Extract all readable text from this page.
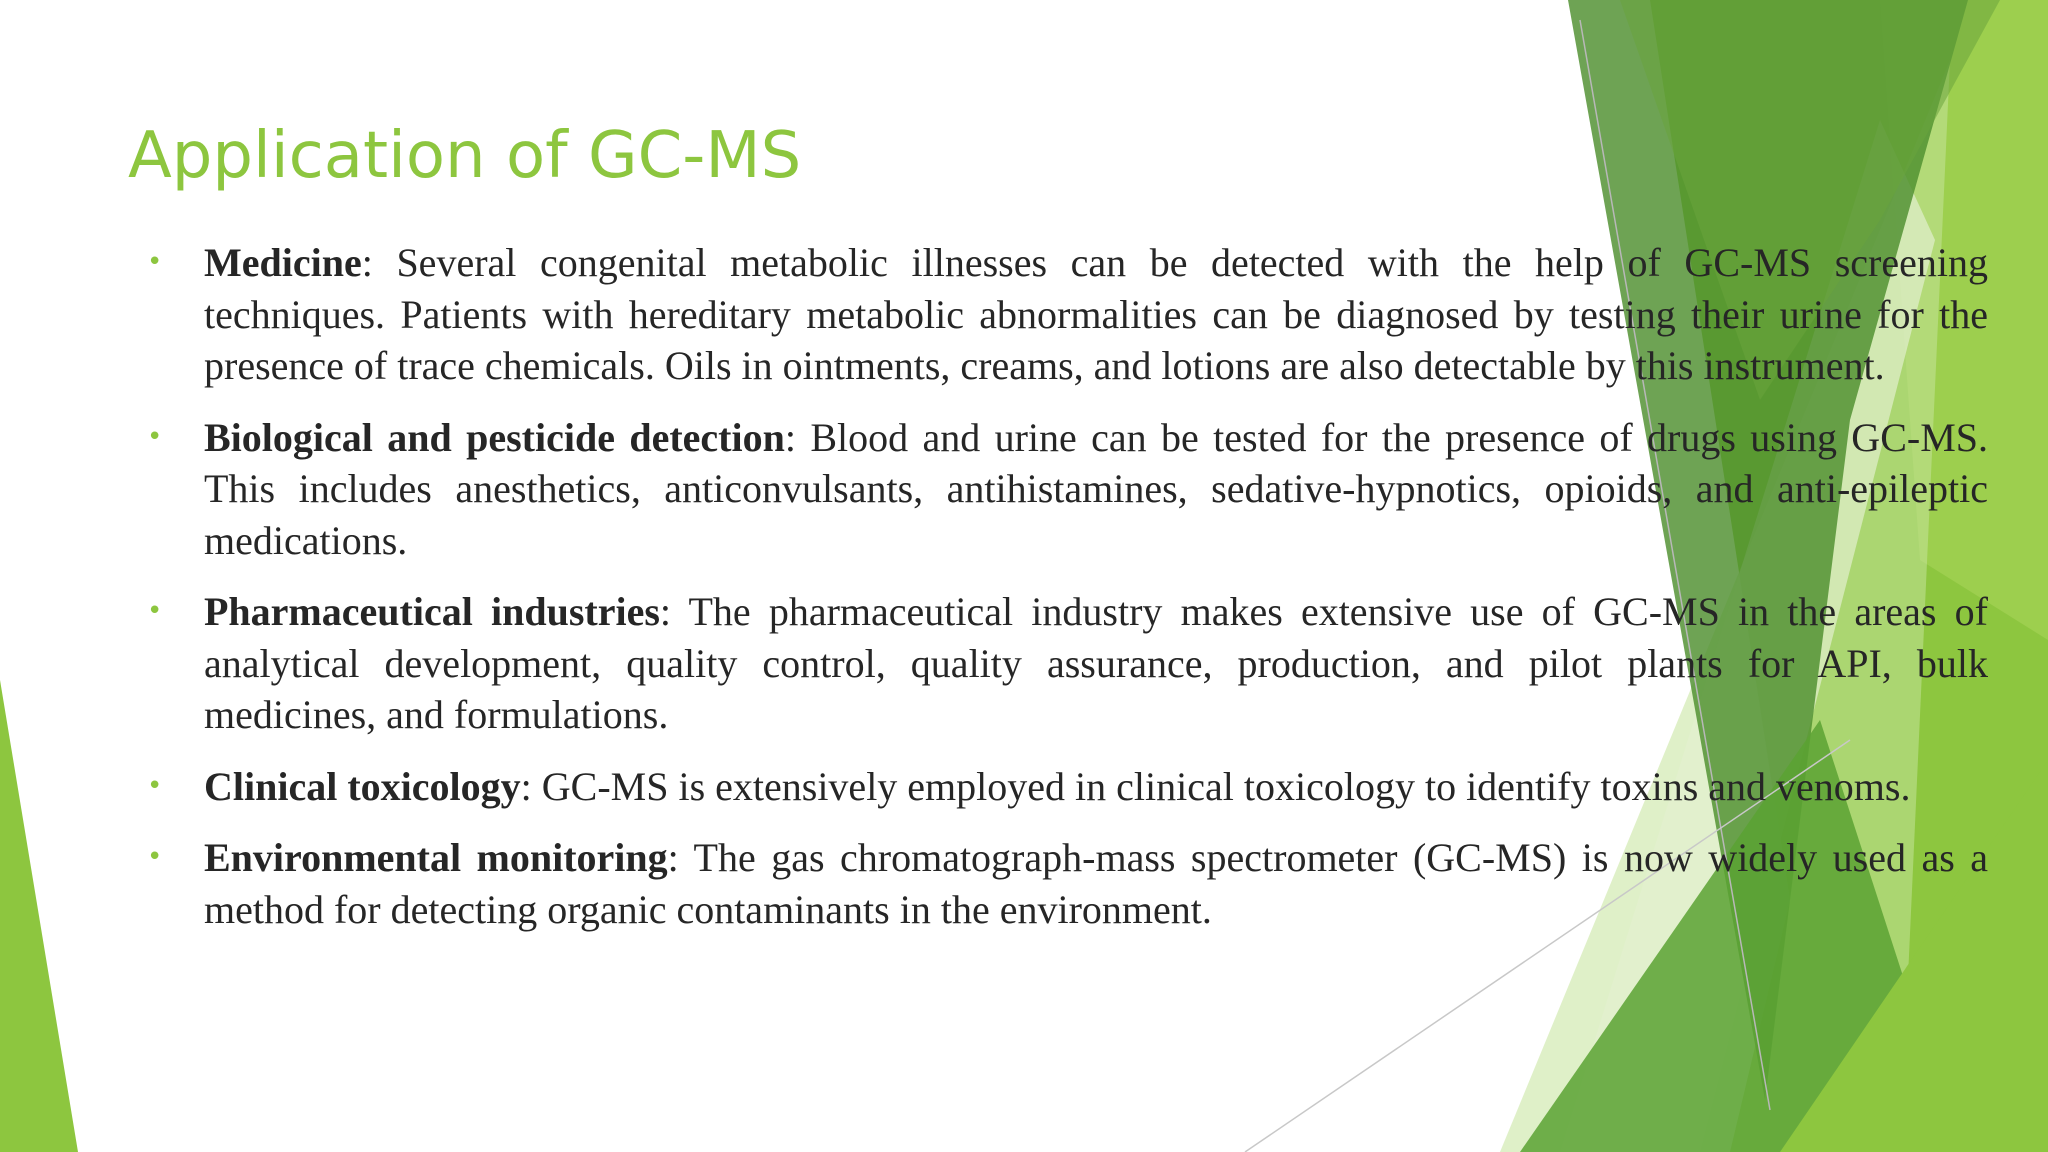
Application of GC-MS
• Medicine: Several congenital metabolic illnesses can be detected with the help of GC-MS screening techniques. Patients with hereditary metabolic abnormalities can be diagnosed by testing their urine for the presence of trace chemicals. Oils in ointments, creams, and lotions are also detectable by this instrument.
• Biological and pesticide detection: Blood and urine can be tested for the presence of drugs using GC-MS. This includes anesthetics, anticonvulsants, antihistamines, sedative-hypnotics, opioids, and anti-epileptic medications.
• Pharmaceutical industries: The pharmaceutical industry makes extensive use of GC-MS in the areas of analytical development, quality control, quality assurance, production, and pilot plants for API, bulk medicines, and formulations.
• Clinical toxicology: GC-MS is extensively employed in clinical toxicology to identify toxins and venoms.
• Environmental monitoring: The gas chromatograph-mass spectrometer (GC-MS) is now widely used as a method for detecting organic contaminants in the environment.
